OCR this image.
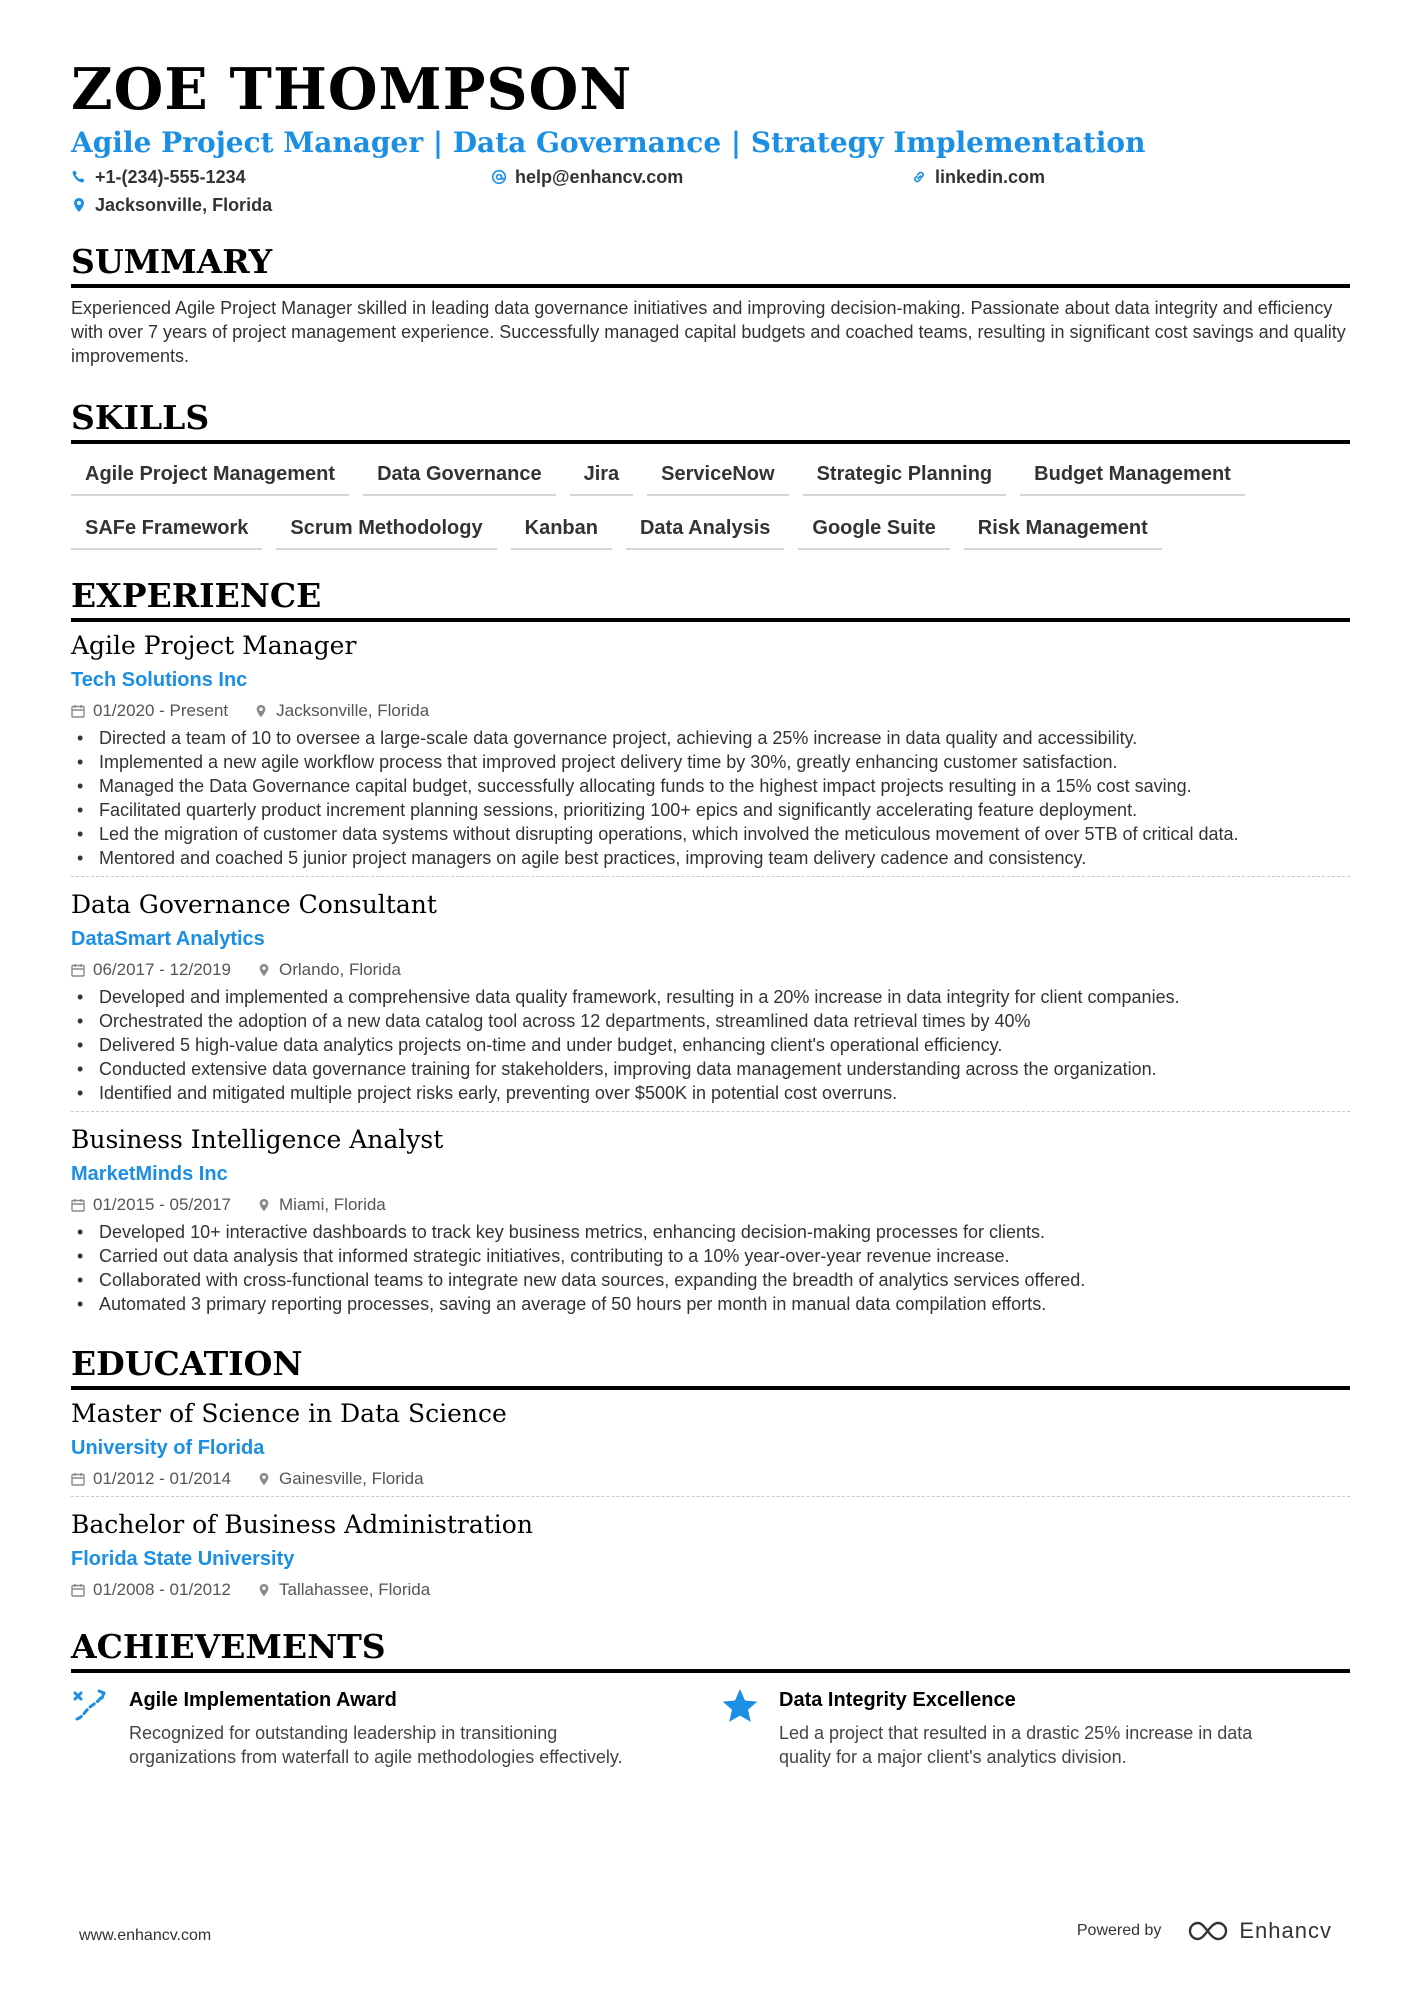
ZOE THOMPSON
Agile Project Manager | Data Governance | Strategy Implementation
+1-(234)-555-1234	help@enhancv.com	linkedin.com
Jacksonville, Florida
SUMMARY
Experienced Agile Project Manager skilled in leading data governance initiatives and improving decision-making. Passionate about data integrity and efficiency with over 7 years of project management experience. Successfully managed capital budgets and coached teams, resulting in significant cost savings and quality improvements.
SKILLS
Agile Project Management	Data Governance	Jira	ServiceNow	Strategic Planning	Budget Management
SAFe Framework	Scrum Methodology	Kanban	Data Analysis	Google Suite	Risk Management
EXPERIENCE
Agile Project Manager
Tech Solutions Inc
01/2020 - Present	Jacksonville, Florida
• Directed a team of 10 to oversee a large-scale data governance project, achieving a 25% increase in data quality and accessibility.
• Implemented a new agile workflow process that improved project delivery time by 30%, greatly enhancing customer satisfaction.
• Managed the Data Governance capital budget, successfully allocating funds to the highest impact projects resulting in a 15% cost saving.
• Facilitated quarterly product increment planning sessions, prioritizing 100+ epics and significantly accelerating feature deployment.
• Led the migration of customer data systems without disrupting operations, which involved the meticulous movement of over 5TB of critical data.
• Mentored and coached 5 junior project managers on agile best practices, improving team delivery cadence and consistency.
Data Governance Consultant
DataSmart Analytics
06/2017 - 12/2019	Orlando, Florida
• Developed and implemented a comprehensive data quality framework, resulting in a 20% increase in data integrity for client companies.
• Orchestrated the adoption of a new data catalog tool across 12 departments, streamlined data retrieval times by 40%
• Delivered 5 high-value data analytics projects on-time and under budget, enhancing client's operational efficiency.
• Conducted extensive data governance training for stakeholders, improving data management understanding across the organization.
• Identified and mitigated multiple project risks early, preventing over $500K in potential cost overruns.
Business Intelligence Analyst
MarketMinds Inc
01/2015 - 05/2017	Miami, Florida
• Developed 10+ interactive dashboards to track key business metrics, enhancing decision-making processes for clients.
• Carried out data analysis that informed strategic initiatives, contributing to a 10% year-over-year revenue increase.
• Collaborated with cross-functional teams to integrate new data sources, expanding the breadth of analytics services offered.
• Automated 3 primary reporting processes, saving an average of 50 hours per month in manual data compilation efforts.
EDUCATION
Master of Science in Data Science
University of Florida
01/2012 - 01/2014	Gainesville, Florida
Bachelor of Business Administration
Florida State University
01/2008 - 01/2012	Tallahassee, Florida
ACHIEVEMENTS
Agile Implementation Award
Recognized for outstanding leadership in transitioning organizations from waterfall to agile methodologies effectively.
Data Integrity Excellence
Led a project that resulted in a drastic 25% increase in data quality for a major client's analytics division.
www.enhancv.com	Powered by	Enhancv
